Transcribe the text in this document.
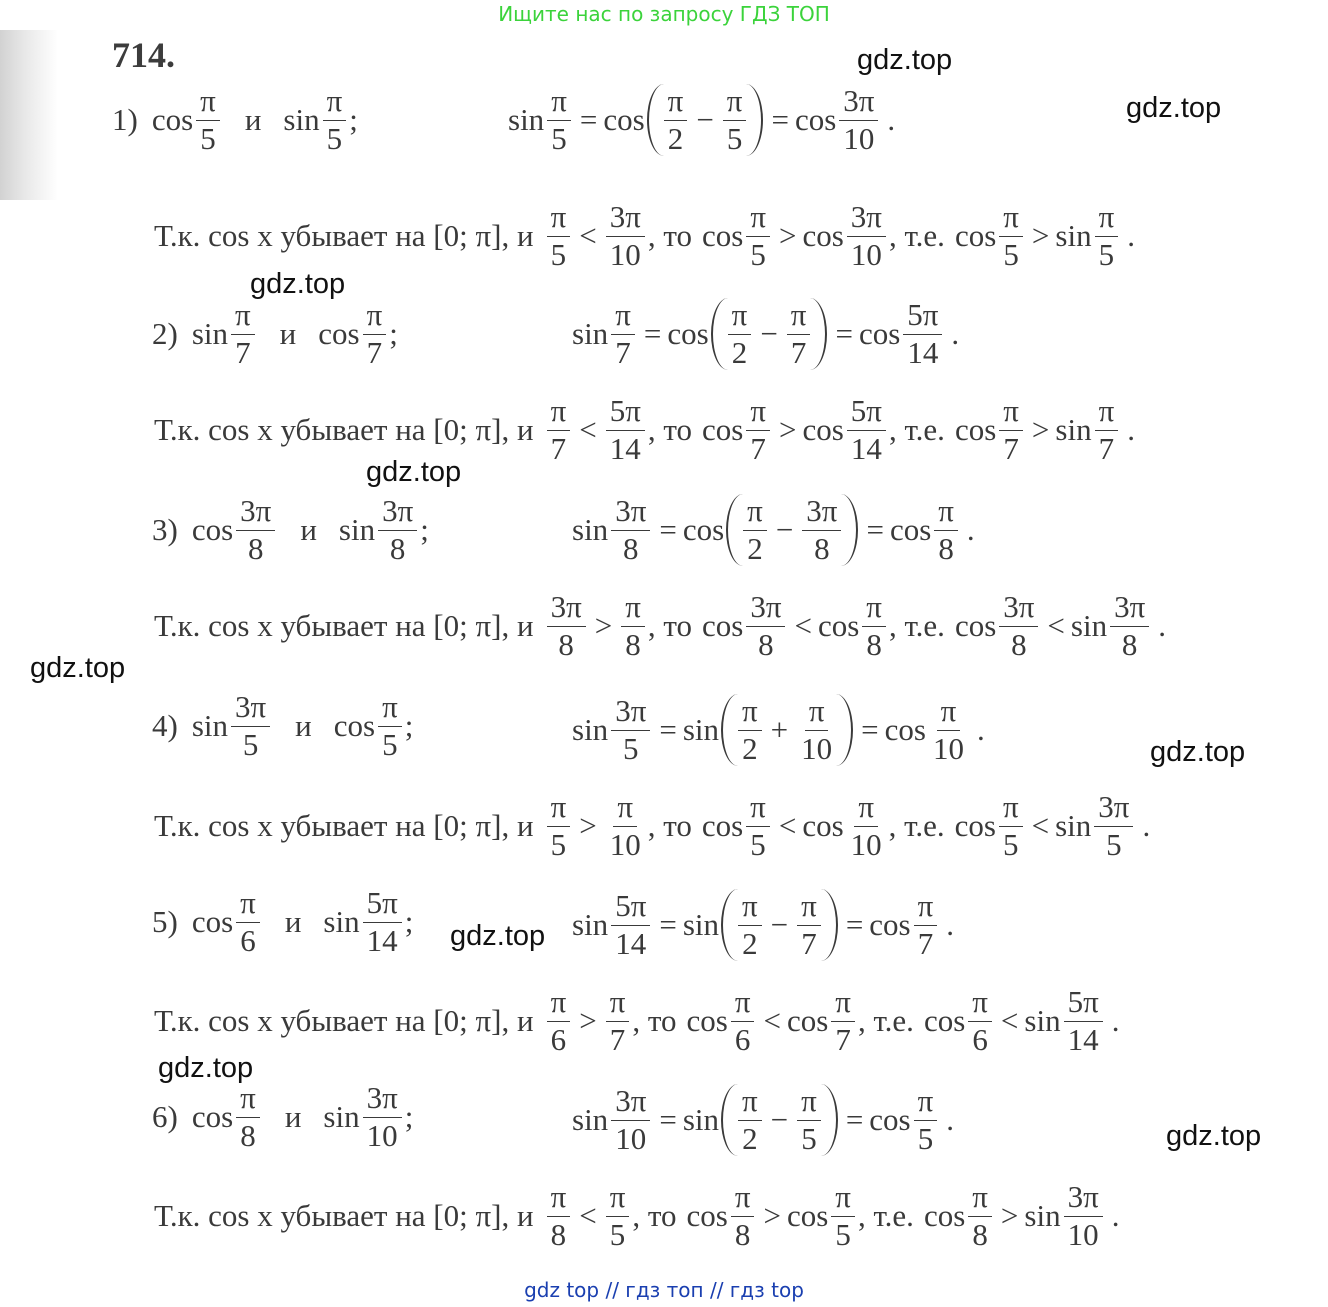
Ищите нас по запросу ГДЗ ТОП
714.	gdz.top
gdz.top
gdz.top
gdz.top
gdz.top
gdz.top
gdz.top
gdz.top
gdz.top
gdz top // гдз топ // гдз top
1) $\cos \frac{\pi}{5}$ и $\sin \frac{\pi}{5}$ ;	$\sin \frac{\pi}{5} = \cos \frac{\pi}{2} - \frac{\pi}{5} = \cos \frac{3\pi}{10}$ .
Т.к. cos x убывает на [0; π], и $\frac{\pi}{5} < \frac{3\pi}{10}$ , то $\cos \frac{\pi}{5} > \cos \frac{3\pi}{10}$ , т.е. $\cos \frac{\pi}{5} > \sin \frac{\pi}{5}$ .
2) $\sin \frac{\pi}{7}$ и $\cos \frac{\pi}{7}$ ;	$\sin \frac{\pi}{7} = \cos \frac{\pi}{2} - \frac{\pi}{7} = \cos \frac{5\pi}{14}$ .
Т.к. cos x убывает на [0; π], и $\frac{\pi}{7} < \frac{5\pi}{14}$ , то $\cos \frac{\pi}{7} > \cos \frac{5\pi}{14}$ , т.е. $\cos \frac{\pi}{7} > \sin \frac{\pi}{7}$ .
3) $\cos \frac{3\pi}{8}$ и $\sin \frac{3\pi}{8}$ ;	$\sin \frac{3\pi}{8} = \cos \frac{\pi}{2} - \frac{3\pi}{8} = \cos \frac{\pi}{8}$ .
Т.к. cos x убывает на [0; π], и $\frac{3\pi}{8} > \frac{\pi}{8}$ , то $\cos \frac{3\pi}{8} < \cos \frac{\pi}{8}$ , т.е. $\cos \frac{3\pi}{8} < \sin \frac{3\pi}{8}$ .
4) $\sin \frac{3\pi}{5}$ и $\cos \frac{\pi}{5}$ ;	$\sin \frac{3\pi}{5} = \sin \frac{\pi}{2} + \frac{\pi}{10} = \cos \frac{\pi}{10}$ .
Т.к. cos x убывает на [0; π], и $\frac{\pi}{5} > \frac{\pi}{10}$ , то $\cos \frac{\pi}{5} < \cos \frac{\pi}{10}$ , т.е. $\cos \frac{\pi}{5} < \sin \frac{3\pi}{5}$ .
5) $\cos \frac{\pi}{6}$ и $\sin \frac{5\pi}{14}$ ;	$\sin \frac{5\pi}{14} = \sin \frac{\pi}{2} - \frac{\pi}{7} = \cos \frac{\pi}{7}$ .
Т.к. cos x убывает на [0; π], и $\frac{\pi}{6} > \frac{\pi}{7}$ , то $\cos \frac{\pi}{6} < \cos \frac{\pi}{7}$ , т.е. $\cos \frac{\pi}{6} < \sin \frac{5\pi}{14}$ .
6) $\cos \frac{\pi}{8}$ и $\sin \frac{3\pi}{10}$ ;	$\sin \frac{3\pi}{10} = \sin \frac{\pi}{2} - \frac{\pi}{5} = \cos \frac{\pi}{5}$ .
Т.к. cos x убывает на [0; π], и $\frac{\pi}{8} < \frac{\pi}{5}$ , то $\cos \frac{\pi}{8} > \cos \frac{\pi}{5}$ , т.е. $\cos \frac{\pi}{8} > \sin \frac{3\pi}{10}$ .
